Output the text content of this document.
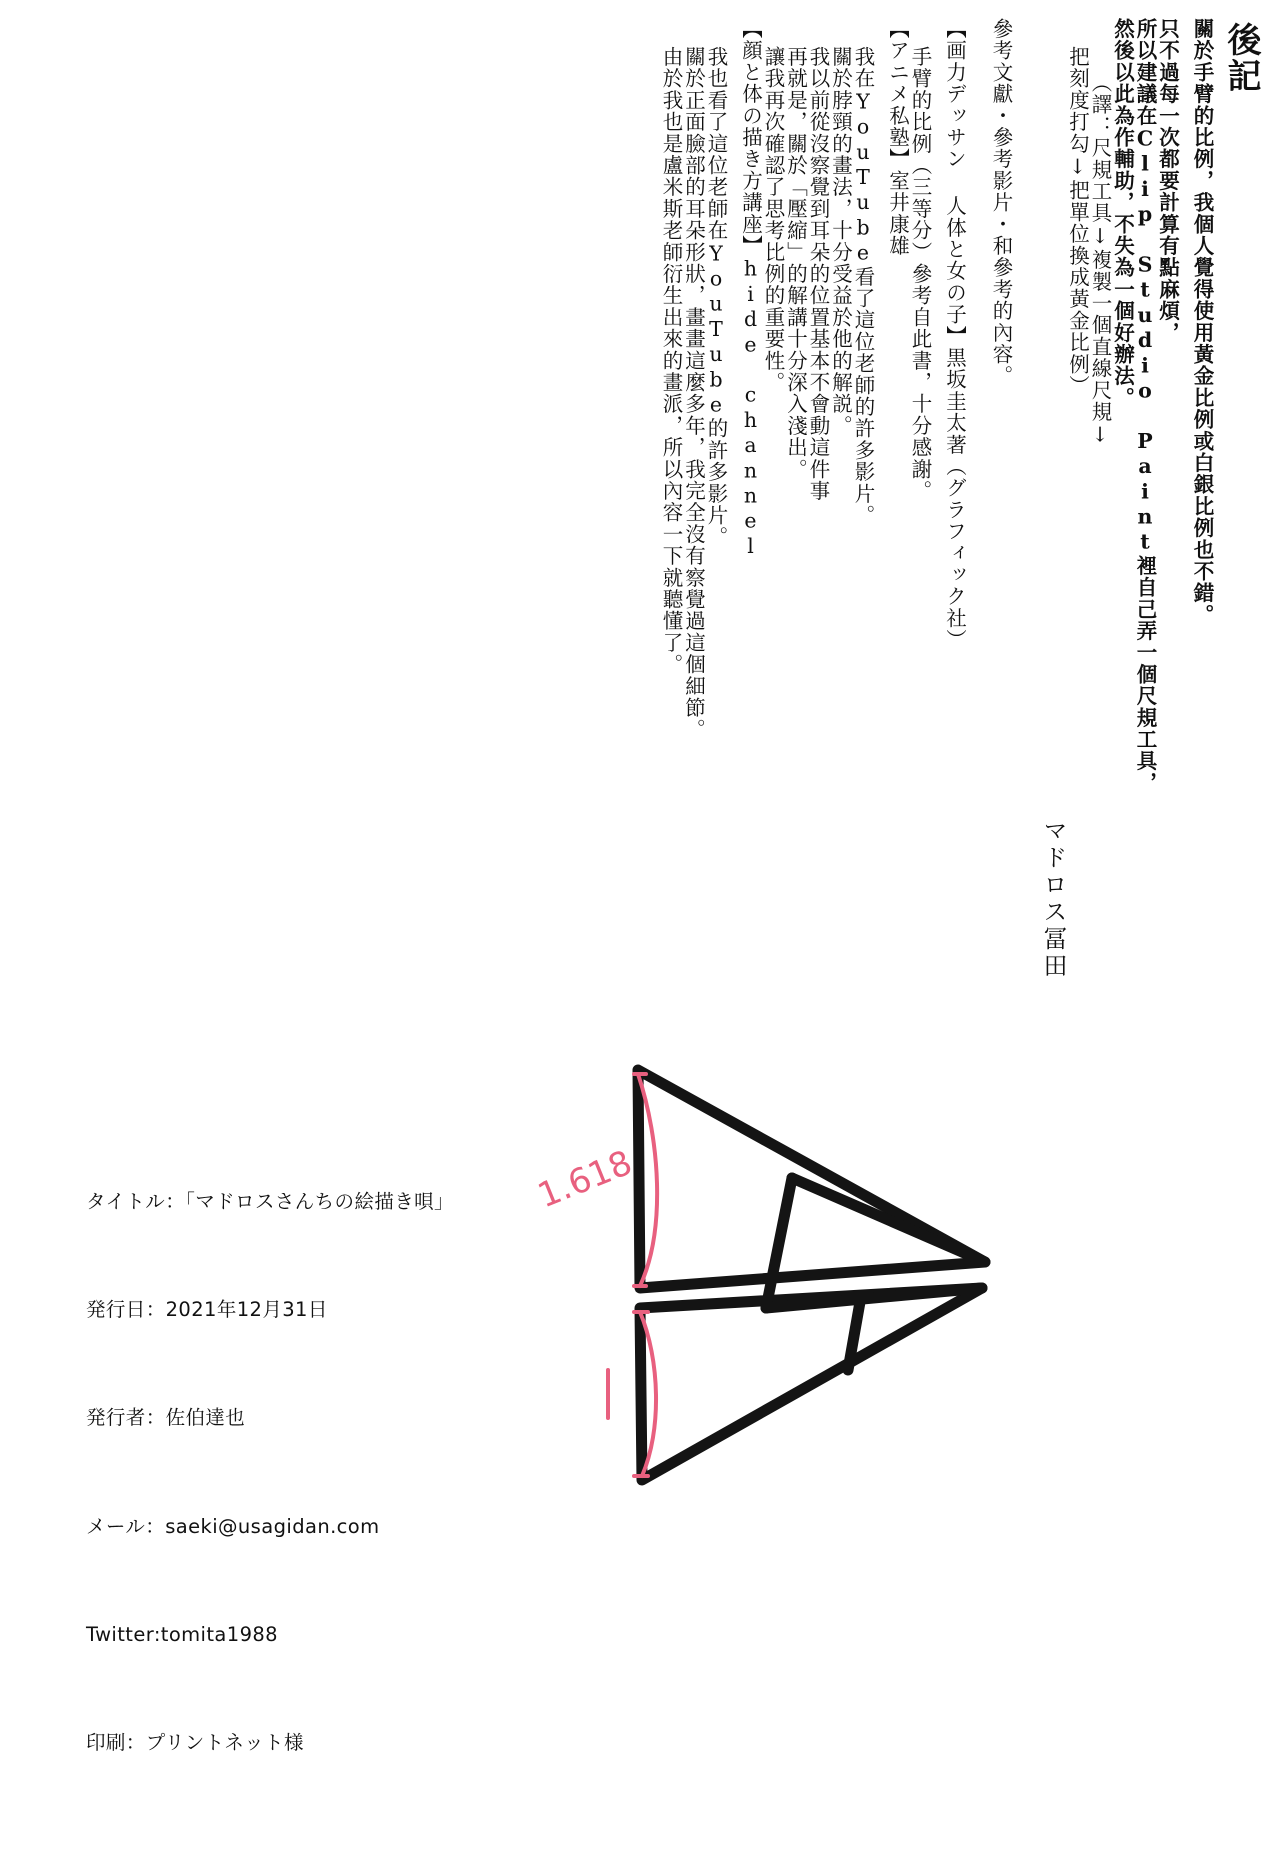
後記
關於手臂的比例，我個人覺得使用黃金比例或白銀比例也不錯。
只不過每一次都要計算有點麻煩，
所以建議在Clip Studio Paint裡自己弄一個尺規工具，
然後以此為作輔助，不失為一個好辦法。
（譯：尺規工具↓複製一個直線尺規↓
把刻度打勾↓把單位換成黃金比例）
マドロス冨田
參考文獻・參考影片・和參考的內容。
【画力デッサン 人体と女の子】黒坂圭太著（グラフィック社）
手臂的比例（三等分）參考自此書，十分感謝。
【アニメ私塾】室井康雄
我在YouTube看了這位老師的許多影片。
關於脖頸的畫法，十分受益於他的解説。
我以前從沒察覺到耳朵的位置基本不會動這件事
再就是，關於「壓縮」的解講十分深入淺出。
讓我再次確認了思考比例的重要性。
【顔と体の描き方講座】hide channel
我也看了這位老師在YouTube的許多影片。
關於正面臉部的耳朵形狀，畫畫這麼多年，我完全沒有察覺過這個細節。
由於我也是盧米斯老師衍生出來的畫派，所以內容一下就聽懂了。
1.618

タイトル：「マドロスさんちの絵描き唄」

発行日：2021年12月31日

発行者：佐伯達也

メール：saeki@usagidan.com

Twitter:tomita1988

印刷：プリントネット様
